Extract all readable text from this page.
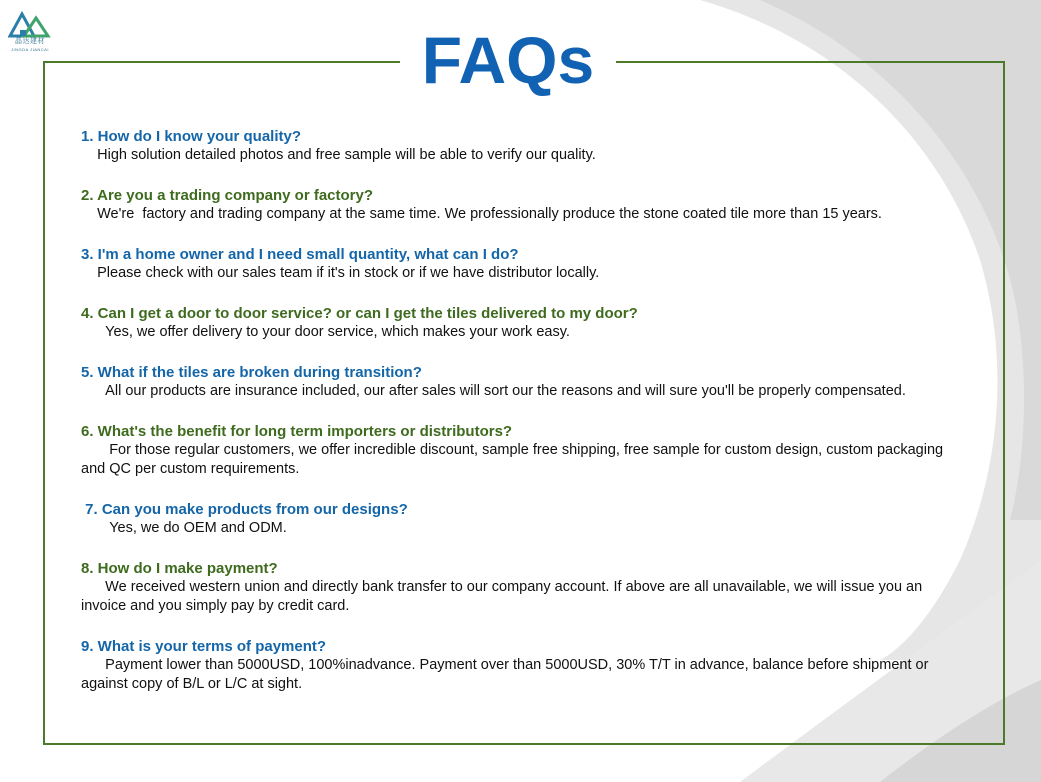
晶达建材
JINGDA JIANCAI	FAQs
1. How do I know your quality?
High solution detailed photos and free sample will be able to verify our quality.
2. Are you a trading company or factory?
We're  factory and trading company at the same time. We professionally produce the stone coated tile more than 15 years.
3. I'm a home owner and I need small quantity, what can I do?
Please check with our sales team if it's in stock or if we have distributor locally.
4. Can I get a door to door service? or can I get the tiles delivered to my door?
Yes, we offer delivery to your door service, which makes your work easy.
5. What if the tiles are broken during transition?
All our products are insurance included, our after sales will sort our the reasons and will sure you'll be properly compensated.
6. What's the benefit for long term importers or distributors?
For those regular customers, we offer incredible discount, sample free shipping, free sample for custom design, custom packaging and QC per custom requirements.
7. Can you make products from our designs?
Yes, we do OEM and ODM.
8. How do I make payment?
We received western union and directly bank transfer to our company account. If above are all unavailable, we will issue you an invoice and you simply pay by credit card.
9. What is your terms of payment?
Payment lower than 5000USD, 100%inadvance. Payment over than 5000USD, 30% T/T in advance, balance before shipment or against copy of B/L or L/C at sight.
